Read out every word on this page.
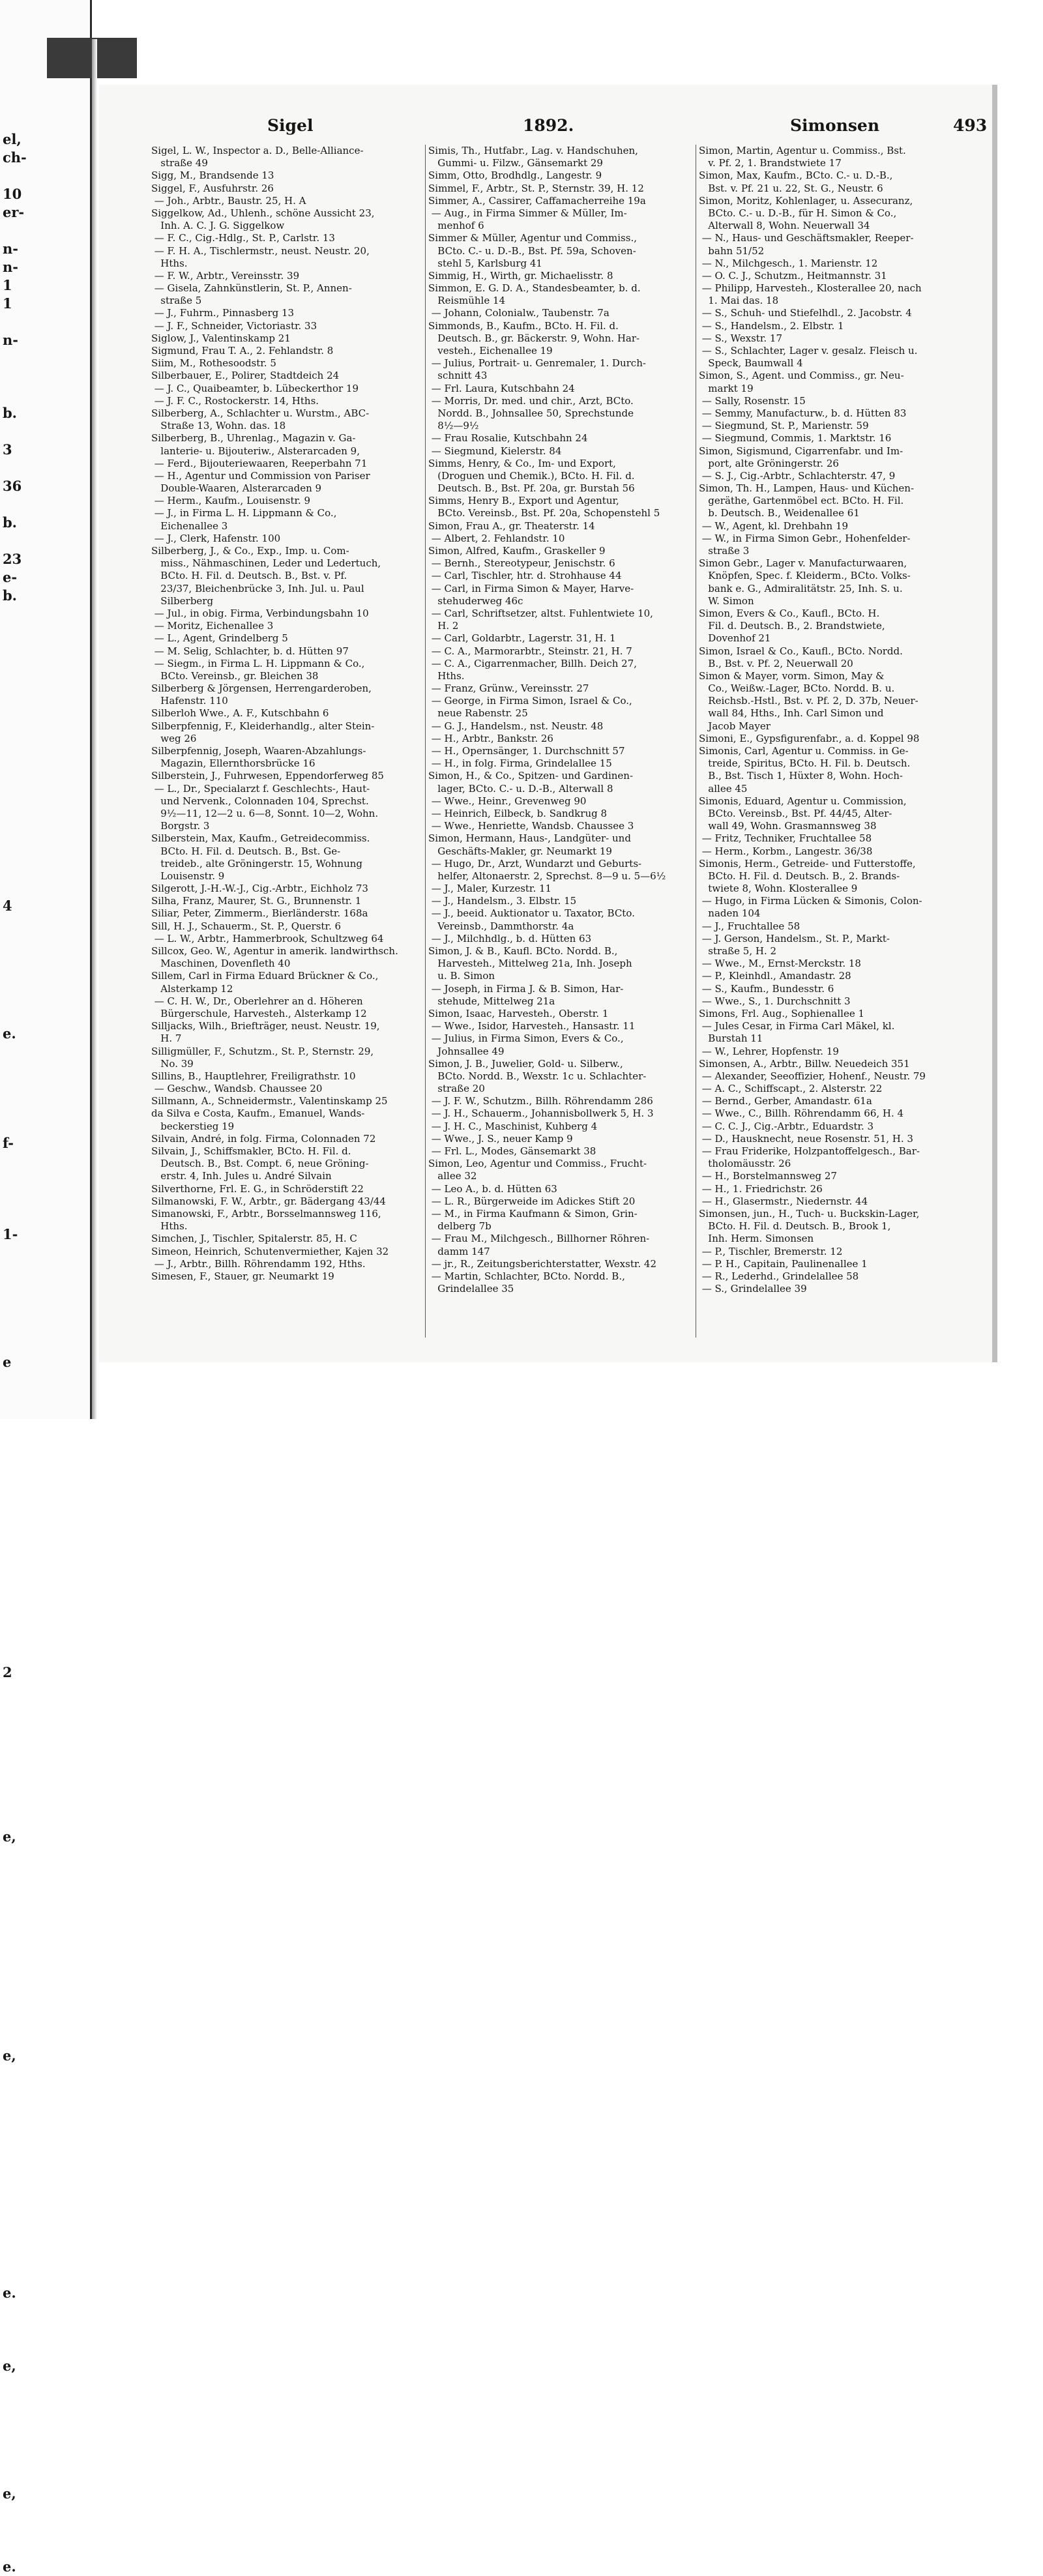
el,
ch-
10
er-
n-
n-
1
1
n-
b.
3
36
b.
23
e-
b.
4
e.
f-
1-
e
2
e,
e,
e.
e,
e,
e.
Sigel	1892.	Simonsen	493
Sigel, L. W., Inspector a. D., Belle-Alliance-
straße 49
Sigg, M., Brandsende 13
Siggel, F., Ausfuhrstr. 26
— Joh., Arbtr., Baustr. 25, H. A
Siggelkow, Ad., Uhlenh., schöne Aussicht 23,
Inh. A. C. J. G. Siggelkow
— F. C., Cig.-Hdlg., St. P., Carlstr. 13
— F. H. A., Tischlermstr., neust. Neustr. 20,
Hths.
— F. W., Arbtr., Vereinsstr. 39
— Gisela, Zahnkünstlerin, St. P., Annen-
straße 5
— J., Fuhrm., Pinnasberg 13
— J. F., Schneider, Victoriastr. 33
Siglow, J., Valentinskamp 21
Sigmund, Frau T. A., 2. Fehlandstr. 8
Siim, M., Rothesoodstr. 5
Silberbauer, E., Polirer, Stadtdeich 24
— J. C., Quaibeamter, b. Lübeckerthor 19
— J. F. C., Rostockerstr. 14, Hths.
Silberberg, A., Schlachter u. Wurstm., ABC-
Straße 13, Wohn. das. 18
Silberberg, B., Uhrenlag., Magazin v. Ga-
lanterie- u. Bijouteriw., Alsterarcaden 9,
— Ferd., Bijouteriewaaren, Reeperbahn 71
— H., Agentur und Commission von Pariser
Double-Waaren, Alsterarcaden 9
— Herm., Kaufm., Louisenstr. 9
— J., in Firma L. H. Lippmann & Co.,
Eichenallee 3
— J., Clerk, Hafenstr. 100
Silberberg, J., & Co., Exp., Imp. u. Com-
miss., Nähmaschinen, Leder und Ledertuch,
BCto. H. Fil. d. Deutsch. B., Bst. v. Pf.
23/37, Bleichenbrücke 3, Inh. Jul. u. Paul
Silberberg
— Jul., in obig. Firma, Verbindungsbahn 10
— Moritz, Eichenallee 3
— L., Agent, Grindelberg 5
— M. Selig, Schlachter, b. d. Hütten 97
— Siegm., in Firma L. H. Lippmann & Co.,
BCto. Vereinsb., gr. Bleichen 38
Silberberg & Jörgensen, Herrengarderoben,
Hafenstr. 110
Silberloh Wwe., A. F., Kutschbahn 6
Silberpfennig, F., Kleiderhandlg., alter Stein-
weg 26
Silberpfennig, Joseph, Waaren-Abzahlungs-
Magazin, Ellernthorsbrücke 16
Silberstein, J., Fuhrwesen, Eppendorferweg 85
— L., Dr., Specialarzt f. Geschlechts-, Haut-
und Nervenk., Colonnaden 104, Sprechst.
9½—11, 12—2 u. 6—8, Sonnt. 10—2, Wohn.
Borgstr. 3
Silberstein, Max, Kaufm., Getreidecommiss.
BCto. H. Fil. d. Deutsch. B., Bst. Ge-
treideb., alte Gröningerstr. 15, Wohnung
Louisenstr. 9
Silgerott, J.-H.-W.-J., Cig.-Arbtr., Eichholz 73
Silha, Franz, Maurer, St. G., Brunnenstr. 1
Siliar, Peter, Zimmerm., Bierländerstr. 168a
Sill, H. J., Schauerm., St. P., Querstr. 6
— L. W., Arbtr., Hammerbrook, Schultzweg 64
Sillcox, Geo. W., Agentur in amerik. landwirthsch.
Maschinen, Dovenfleth 40
Sillem, Carl in Firma Eduard Brückner & Co.,
Alsterkamp 12
— C. H. W., Dr., Oberlehrer an d. Höheren
Bürgerschule, Harvesteh., Alsterkamp 12
Silljacks, Wilh., Briefträger, neust. Neustr. 19,
H. 7
Silligmüller, F., Schutzm., St. P., Sternstr. 29,
No. 39
Sillins, B., Hauptlehrer, Freiligrathstr. 10
— Geschw., Wandsb. Chaussee 20
Sillmann, A., Schneidermstr., Valentinskamp 25
da Silva e Costa, Kaufm., Emanuel, Wands-
beckerstieg 19
Silvain, André, in folg. Firma, Colonnaden 72
Silvain, J., Schiffsmakler, BCto. H. Fil. d.
Deutsch. B., Bst. Compt. 6, neue Gröning-
erstr. 4, Inh. Jules u. André Silvain
Silverthorne, Frl. E. G., in Schröderstift 22
Silmanowski, F. W., Arbtr., gr. Bädergang 43/44
Simanowski, F., Arbtr., Borsselmannsweg 116,
Hths.
Simchen, J., Tischler, Spitalerstr. 85, H. C
Simeon, Heinrich, Schutenvermiether, Kajen 32
— J., Arbtr., Billh. Röhrendamm 192, Hths.
Simesen, F., Stauer, gr. Neumarkt 19
Simis, Th., Hutfabr., Lag. v. Handschuhen,
Gummi- u. Filzw., Gänsemarkt 29
Simm, Otto, Brodhdlg., Langestr. 9
Simmel, F., Arbtr., St. P., Sternstr. 39, H. 12
Simmer, A., Cassirer, Caffamacherreihe 19a
— Aug., in Firma Simmer & Müller, Im-
menhof 6
Simmer & Müller, Agentur und Commiss.,
BCto. C.- u. D.-B., Bst. Pf. 59a, Schoven-
stehl 5, Karlsburg 41
Simmig, H., Wirth, gr. Michaelisstr. 8
Simmon, E. G. D. A., Standesbeamter, b. d.
Reismühle 14
— Johann, Colonialw., Taubenstr. 7a
Simmonds, B., Kaufm., BCto. H. Fil. d.
Deutsch. B., gr. Bäckerstr. 9, Wohn. Har-
vesteh., Eichenallee 19
— Julius, Portrait- u. Genremaler, 1. Durch-
schnitt 43
— Frl. Laura, Kutschbahn 24
— Morris, Dr. med. und chir., Arzt, BCto.
Nordd. B., Johnsallee 50, Sprechstunde
8½—9½
— Frau Rosalie, Kutschbahn 24
— Siegmund, Kielerstr. 84
Simms, Henry, & Co., Im- und Export,
(Droguen und Chemik.), BCto. H. Fil. d.
Deutsch. B., Bst. Pf. 20a, gr. Burstah 56
Simms, Henry B., Export und Agentur,
BCto. Vereinsb., Bst. Pf. 20a, Schopenstehl 5
Simon, Frau A., gr. Theaterstr. 14
— Albert, 2. Fehlandstr. 10
Simon, Alfred, Kaufm., Graskeller 9
— Bernh., Stereotypeur, Jenischstr. 6
— Carl, Tischler, htr. d. Strohhause 44
— Carl, in Firma Simon & Mayer, Harve-
stehuderweg 46c
— Carl, Schriftsetzer, altst. Fuhlentwiete 10,
H. 2
— Carl, Goldarbtr., Lagerstr. 31, H. 1
— C. A., Marmorarbtr., Steinstr. 21, H. 7
— C. A., Cigarrenmacher, Billh. Deich 27,
Hths.
— Franz, Grünw., Vereinsstr. 27
— George, in Firma Simon, Israel & Co.,
neue Rabenstr. 25
— G. J., Handelsm., nst. Neustr. 48
— H., Arbtr., Bankstr. 26
— H., Opernsänger, 1. Durchschnitt 57
— H., in folg. Firma, Grindelallee 15
Simon, H., & Co., Spitzen- und Gardinen-
lager, BCto. C.- u. D.-B., Alterwall 8
— Wwe., Heinr., Grevenweg 90
— Heinrich, Eilbeck, b. Sandkrug 8
— Wwe., Henriette, Wandsb. Chaussee 3
Simon, Hermann, Haus-, Landgüter- und
Geschäfts-Makler, gr. Neumarkt 19
— Hugo, Dr., Arzt, Wundarzt und Geburts-
helfer, Altonaerstr. 2, Sprechst. 8—9 u. 5—6½
— J., Maler, Kurzestr. 11
— J., Handelsm., 3. Elbstr. 15
— J., beeid. Auktionator u. Taxator, BCto.
Vereinsb., Dammthorstr. 4a
— J., Milchhdlg., b. d. Hütten 63
Simon, J. & B., Kaufl. BCto. Nordd. B.,
Harvesteh., Mittelweg 21a, Inh. Joseph
u. B. Simon
— Joseph, in Firma J. & B. Simon, Har-
stehude, Mittelweg 21a
Simon, Isaac, Harvesteh., Oberstr. 1
— Wwe., Isidor, Harvesteh., Hansastr. 11
— Julius, in Firma Simon, Evers & Co.,
Johnsallee 49
Simon, J. B., Juwelier, Gold- u. Silberw.,
BCto. Nordd. B., Wexstr. 1c u. Schlachter-
straße 20
— J. F. W., Schutzm., Billh. Röhrendamm 286
— J. H., Schauerm., Johannisbollwerk 5, H. 3
— J. H. C., Maschinist, Kuhberg 4
— Wwe., J. S., neuer Kamp 9
— Frl. L., Modes, Gänsemarkt 38
Simon, Leo, Agentur und Commiss., Frucht-
allee 32
— Leo A., b. d. Hütten 63
— L. R., Bürgerweide im Adickes Stift 20
— M., in Firma Kaufmann & Simon, Grin-
delberg 7b
— Frau M., Milchgesch., Billhorner Röhren-
damm 147
— jr., R., Zeitungsberichterstatter, Wexstr. 42
— Martin, Schlachter, BCto. Nordd. B.,
Grindelallee 35
Simon, Martin, Agentur u. Commiss., Bst.
v. Pf. 2, 1. Brandstwiete 17
Simon, Max, Kaufm., BCto. C.- u. D.-B.,
Bst. v. Pf. 21 u. 22, St. G., Neustr. 6
Simon, Moritz, Kohlenlager, u. Assecuranz,
BCto. C.- u. D.-B., für H. Simon & Co.,
Alterwall 8, Wohn. Neuerwall 34
— N., Haus- und Geschäftsmakler, Reeper-
bahn 51/52
— N., Milchgesch., 1. Marienstr. 12
— O. C. J., Schutzm., Heitmannstr. 31
— Philipp, Harvesteh., Klosterallee 20, nach
1. Mai das. 18
— S., Schuh- und Stiefelhdl., 2. Jacobstr. 4
— S., Handelsm., 2. Elbstr. 1
— S., Wexstr. 17
— S., Schlachter, Lager v. gesalz. Fleisch u.
Speck, Baumwall 4
Simon, S., Agent. und Commiss., gr. Neu-
markt 19
— Sally, Rosenstr. 15
— Semmy, Manufacturw., b. d. Hütten 83
— Siegmund, St. P., Marienstr. 59
— Siegmund, Commis, 1. Marktstr. 16
Simon, Sigismund, Cigarrenfabr. und Im-
port, alte Gröningerstr. 26
— S. J., Cig.-Arbtr., Schlachterstr. 47, 9
Simon, Th. H., Lampen, Haus- und Küchen-
geräthe, Gartenmöbel ect. BCto. H. Fil.
b. Deutsch. B., Weidenallee 61
— W., Agent, kl. Drehbahn 19
— W., in Firma Simon Gebr., Hohenfelder-
straße 3
Simon Gebr., Lager v. Manufacturwaaren,
Knöpfen, Spec. f. Kleiderm., BCto. Volks-
bank e. G., Admiralitätstr. 25, Inh. S. u.
W. Simon
Simon, Evers & Co., Kaufl., BCto. H.
Fil. d. Deutsch. B., 2. Brandstwiete,
Dovenhof 21
Simon, Israel & Co., Kaufl., BCto. Nordd.
B., Bst. v. Pf. 2, Neuerwall 20
Simon & Mayer, vorm. Simon, May &
Co., Weißw.-Lager, BCto. Nordd. B. u.
Reichsb.-Hstl., Bst. v. Pf. 2, D. 37b, Neuer-
wall 84, Hths., Inh. Carl Simon und
Jacob Mayer
Simoni, E., Gypsfigurenfabr., a. d. Koppel 98
Simonis, Carl, Agentur u. Commiss. in Ge-
treide, Spiritus, BCto. H. Fil. b. Deutsch.
B., Bst. Tisch 1, Hüxter 8, Wohn. Hoch-
allee 45
Simonis, Eduard, Agentur u. Commission,
BCto. Vereinsb., Bst. Pf. 44/45, Alter-
wall 49, Wohn. Grasmannsweg 38
— Fritz, Techniker, Fruchtallee 58
— Herm., Korbm., Langestr. 36/38
Simonis, Herm., Getreide- und Futterstoffe,
BCto. H. Fil. d. Deutsch. B., 2. Brands-
twiete 8, Wohn. Klosterallee 9
— Hugo, in Firma Lücken & Simonis, Colon-
naden 104
— J., Fruchtallee 58
— J. Gerson, Handelsm., St. P., Markt-
straße 5, H. 2
— Wwe., M., Ernst-Merckstr. 18
— P., Kleinhdl., Amandastr. 28
— S., Kaufm., Bundesstr. 6
— Wwe., S., 1. Durchschnitt 3
Simons, Frl. Aug., Sophienallee 1
— Jules Cesar, in Firma Carl Mäkel, kl.
Burstah 11
— W., Lehrer, Hopfenstr. 19
Simonsen, A., Arbtr., Billw. Neuedeich 351
— Alexander, Seeoffizier, Hohenf., Neustr. 79
— A. C., Schiffscapt., 2. Alsterstr. 22
— Bernd., Gerber, Amandastr. 61a
— Wwe., C., Billh. Röhrendamm 66, H. 4
— C. C. J., Cig.-Arbtr., Eduardstr. 3
— D., Hausknecht, neue Rosenstr. 51, H. 3
— Frau Friderike, Holzpantoffelgesch., Bar-
tholomäusstr. 26
— H., Borstelmannsweg 27
— H., 1. Friedrichstr. 26
— H., Glasermstr., Niedernstr. 44
Simonsen, jun., H., Tuch- u. Buckskin-Lager,
BCto. H. Fil. d. Deutsch. B., Brook 1,
Inh. Herm. Simonsen
— P., Tischler, Bremerstr. 12
— P. H., Capitain, Paulinenallee 1
— R., Lederhd., Grindelallee 58
— S., Grindelallee 39
